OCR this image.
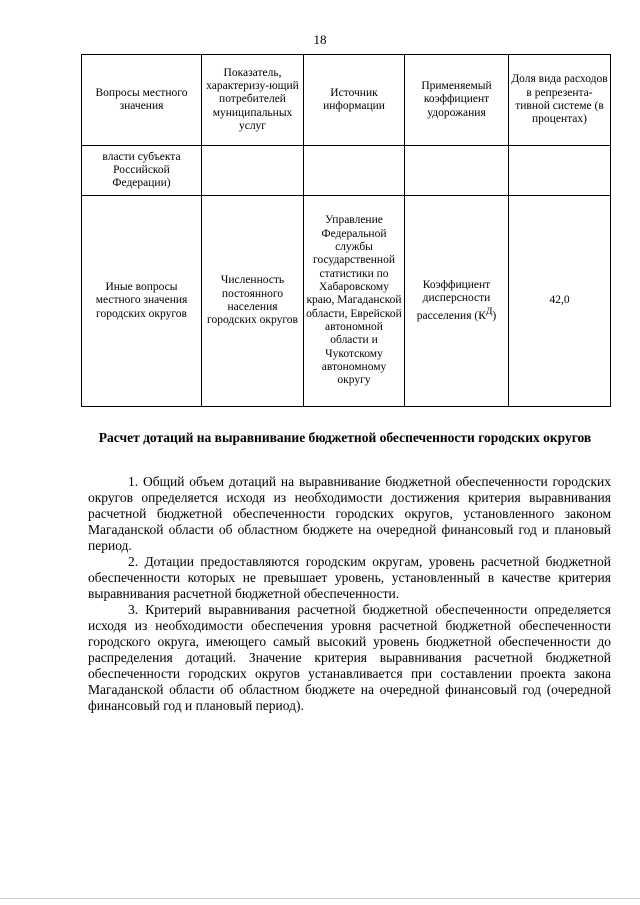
18
Вопросы местного значения	Показатель, характеризу-ющий потребителей муниципальных услуг	Источник информации	Применяемый коэффициент удорожания	Доля вида расходов в репрезента-тивной системе (в процентах)
власти субъекта Российской Федерации)				
Иные вопросы местного значения городских округов	Численность постоянного населения городских округов	Управление Федеральной службы государственной статистики по Хабаровскому краю, Магаданской области, Еврейской автономной области и Чукотскому автономному округу	Коэффициент дисперсности расселения $(К^Д)$	42,0
Расчет дотаций на выравнивание бюджетной обеспеченности городских округов

1. Общий объем дотаций на выравнивание бюджетной обеспеченности городских округов определяется исходя из необходимости достижения критерия выравнивания расчетной бюджетной обеспеченности городских округов, установленного законом Магаданской области об областном бюджете на очередной финансовый год и плановый период.

2. Дотации предоставляются городским округам, уровень расчетной бюджетной обеспеченности которых не превышает уровень, установленный в качестве критерия выравнивания расчетной бюджетной обеспеченности.

3. Критерий выравнивания расчетной бюджетной обеспеченности определяется исходя из необходимости обеспечения уровня расчетной бюджетной обеспеченности городского округа, имеющего самый высокий уровень бюджетной обеспеченности до распределения дотаций. Значение критерия выравнивания расчетной бюджетной обеспеченности городских округов устанавливается при составлении проекта закона Магаданской области об областном бюджете на очередной финансовый год (очередной финансовый год и плановый период).
